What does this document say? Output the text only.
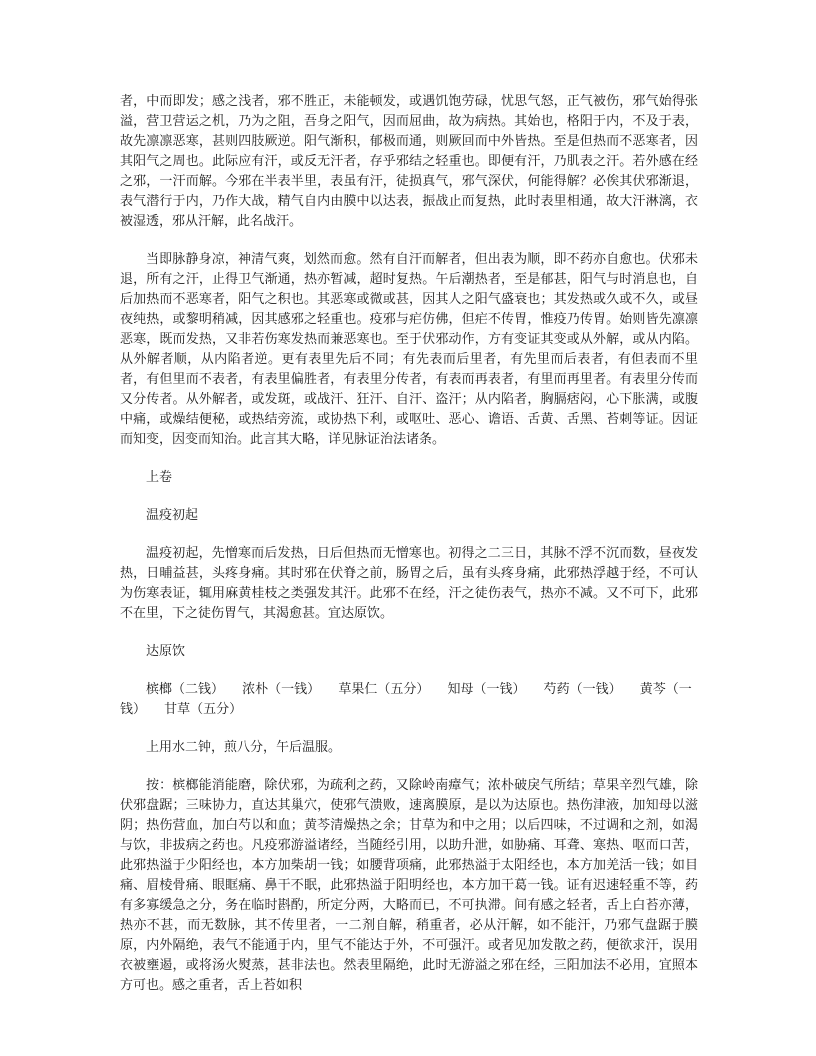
者，中而即发；感之浅者，邪不胜正，未能顿发，或遇饥饱劳碌，忧思气怒，正气被伤，邪气始得张溢，营卫营运之机，乃为之阻，吾身之阳气，因而屈曲，故为病热。其始也，格阳于内，不及于表，故先凛凛恶寒，甚则四肢厥逆。阳气渐积，郁极而通，则厥回而中外皆热。至是但热而不恶寒者，因其阳气之周也。此际应有汗，或反无汗者，存乎邪结之轻重也。即便有汗，乃肌表之汗。若外感在经之邪，一汗而解。今邪在半表半里，表虽有汗，徒损真气，邪气深伏，何能得解？必俟其伏邪渐退，表气潜行于内，乃作大战，精气自内由膜中以达表，振战止而复热，此时表里相通，故大汗淋漓，衣被湿透，邪从汗解，此名战汗。

当即脉静身凉，神清气爽，划然而愈。然有自汗而解者，但出表为顺，即不药亦自愈也。伏邪未退，所有之汗，止得卫气渐通，热亦暂减，超时复热。午后潮热者，至是郁甚，阳气与时消息也，自后加热而不恶寒者，阳气之积也。其恶寒或微或甚，因其人之阳气盛衰也；其发热或久或不久，或昼夜纯热，或黎明稍减，因其感邪之轻重也。疫邪与疟仿佛，但疟不传胃，惟疫乃传胃。始则皆先凛凛恶寒，既而发热，又非若伤寒发热而兼恶寒也。至于伏邪动作，方有变证其变或从外解，或从内陷。从外解者顺，从内陷者逆。更有表里先后不同；有先表而后里者，有先里而后表者，有但表而不里者，有但里而不表者，有表里偏胜者，有表里分传者，有表而再表者，有里而再里者。有表里分传而又分传者。从外解者，或发斑，或战汗、狂汗、自汗、盗汗；从内陷者，胸膈痞闷，心下胀满，或腹中痛，或燥结便秘，或热结旁流，或协热下利，或呕吐、恶心、谵语、舌黄、舌黑、苔刺等证。因证而知变，因变而知治。此言其大略，详见脉证治法诸条。

上卷

温疫初起

温疫初起，先憎寒而后发热，日后但热而无憎寒也。初得之二三日，其脉不浮不沉而数，昼夜发热，日晡益甚，头疼身痛。其时邪在伏脊之前，肠胃之后，虽有头疼身痛，此邪热浮越于经，不可认为伤寒表证，辄用麻黄桂枝之类强发其汗。此邪不在经，汗之徒伤表气，热亦不减。又不可下，此邪不在里，下之徒伤胃气，其渴愈甚。宜达原饮。

达原饮

槟榔（二钱） 浓朴（一钱） 草果仁（五分） 知母（一钱） 芍药（一钱） 黄芩（一钱） 甘草（五分）

上用水二钟，煎八分，午后温服。

按：槟榔能消能磨，除伏邪，为疏利之药，又除岭南瘴气；浓朴破戾气所结；草果辛烈气雄，除伏邪盘踞；三味协力，直达其巢穴，使邪气溃败，速离膜原，是以为达原也。热伤津液，加知母以滋阴；热伤营血，加白芍以和血；黄芩清燥热之余；甘草为和中之用；以后四味，不过调和之剂，如渴与饮，非拔病之药也。凡疫邪游溢诸经，当随经引用，以助升泄，如胁痛、耳聋、寒热、呕而口苦，此邪热溢于少阳经也，本方加柴胡一钱；如腰背项痛，此邪热溢于太阳经也，本方加羌活一钱；如目痛、眉棱骨痛、眼眶痛、鼻干不眠，此邪热溢于阳明经也，本方加干葛一钱。证有迟速轻重不等，药有多寡缓急之分，务在临时斟酌，所定分两，大略而已，不可执滞。间有感之轻者，舌上白苔亦薄，热亦不甚，而无数脉，其不传里者，一二剂自解，稍重者，必从汗解，如不能汗，乃邪气盘踞于膜原，内外隔绝，表气不能通于内，里气不能达于外，不可强汗。或者见加发散之药，便欲求汗，误用衣被壅遏，或将汤火熨蒸，甚非法也。然表里隔绝，此时无游溢之邪在经，三阳加法不必用，宜照本方可也。感之重者，舌上苔如积
